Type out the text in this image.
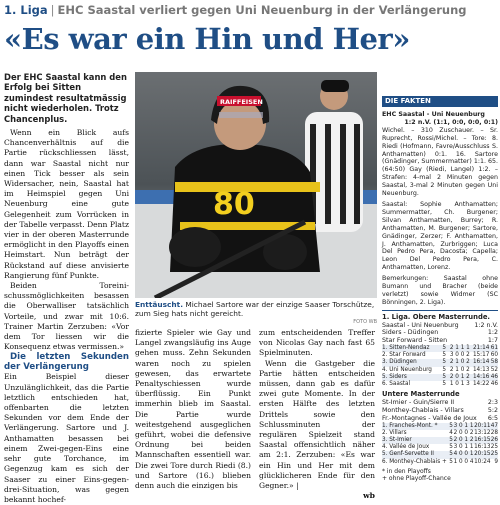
1. Liga | EHC Saastal verliert gegen Uni Neuenburg in der Verlängerung
«Es war ein Hin und Her»
Der EHC Saastal kann den Erfolg bei Sitten zumindest resultatmässig nicht wiederholen. Trotz Chancenplus.

Wenn ein Blick aufs Chancenverhältnis auf die Partie rückschliessen lässt, dann war Saastal nicht nur einen Tick besser als sein Widersacher, nein, Saastal hat im Heimspiel gegen Uni Neuenburg eine gute Gelegenheit zum Vorrücken in der Tabelle verpasst. Denn Platz vier in der oberen Masterrunde ermöglicht in den Playoffs einen Heimstart. Nun beträgt der Rückstand auf diese anvisierte Rangierung fünf Punkte.

Beiden Toreinischussmöglichkeiten besassen die Oberwalliser tatsächlich Vorteile, und zwar mit 10:6. Trainer Martin Zerzuben: «Vor dem Tor liessen wir die Konsequenz etwas vermissen.»

Die letzten Sekunden der Verlängerung

Ein Beispiel dieser Unzulänglichkeit, das die Partie letztlich entschieden hat, offenbarten die letzten Sekunden vor dem Ende der Verlängerung. Sartore und J. Anthamatten besassen bei einem Zwei-gegen-Eins eine sehr gute Torchance, im Gegenzug kam es sich der Saaser zu einer Eins-gegen-drei-Situation, was gegen bekannt hochef-

80
RAIFFEISEN
Enttäuscht. Michael Sartore war der einzige Saaser Torschütze, zum Sieg hats nicht gereicht.
FOTO WB

fizierte Spieler wie Gay und Langel zwangsläufig ins Auge gehen muss. Zehn Sekunden waren noch zu spielen gewesen, das erwartete Penaltyschiessen wurde überflüssig. Ein Punkt immerhin blieb im Saastal. Die Partie wurde weitestgehend ausgeglichen geführt, wobei die defensive Ordnung bei beiden Mannschaften essentiell war. Die zwei Tore durch Riedi (8.) und Sartore (16.) blieben denn auch die einzigen bis

zum entscheidenden Treffer von Nicolas Gay nach fast 65 Spielminuten.

Wenn die Gastgeber die Partie hätten entscheiden müssen, dann gab es dafür zwei gute Momente. In der ersten Hälfte des letzten Drittels sowie den Schlussminuten der regulären Spielzeit stand Saastal offensichtlich näher am 2:1. Zerzuben: «Es war ein Hin und Her mit dem glücklicheren Ende für den Gegner.» |

wb

DIE FAKTEN
EHC Saastal - Uni Neuenburg
1:2 n.V. (1:1, 0:0, 0:0, 0:1)

Wichel. – 310 Zuschauer. – Sr. Ruprecht, Rossi/Michel. – Tore: 8. Riedi (Hofmann, Favre/Ausschluss S. Anthamatten) 0:1. 16. Sartore (Gnädinger, Summermatter) 1:1. 65. (64:50) Gay (Riedi, Langel) 1:2. – Strafen: 4-mal 2 Minuten gegen Saastal, 3-mal 2 Minuten gegen Uni Neuenburg.

Saastal: Sophie Anthamatten; Summermatter, Ch. Burgener; Silvan Anthamatten, Burrey; R. Anthamatten, M. Burgener; Sartore, Gnädinger, Zerzer; F. Anthamatten, J. Anthamatten, Zurbriggen; Luca Del Pedro Pera, Dacosta; Capella; Leon Del Pedro Pera, C. Anthamatten, Lorenz.

Bemerkungen: Saastal ohne Bumann und Bracher (beide verletzt) sowie Widmer (SC Bönningen, 2. Liga).

1. Liga. Obere Masterrunde.
Saastal - Uni Neuenburg	1:2 n.V.
Siders - Düdingen	1:2
Star Forward - Sitten	1:7
1. Sitten-Nendaz	5	2 1 1 1	21:14	61
2. Star Forward	5	3 0 0 2	15:17	60
3. Düdingen	5	2 1 0 2	16:14	58
4. Uni Neuenburg	5	2 1 0 2	14:13	52
5. Siders	5	2 0 1 2	14:16	46
6. Saastal	5	1 0 1 3	14:22	46
Untere Masterrunde
St-Imier - Guin/Sierre II	2:3
Monthey-Chablais - Villars	5:2
Fr.-Montagnes - Vallée de Joux 6:5
1. Franches-Mont. *	5	3 0 1 1	20:11	47
2. Villars	4	2 0 0 2	13:12	28
3. St-Imier	5	2 0 1 2	16:15	26
4. Vallée de Joux	5	3 0 1 1	16:13	25
5. Genf-Servette II	5	4 0 0 1	20:15	25
6. Monthey-Chablais +	5	1 0 0 4	10:24	9
* in den Playoffs
+ ohne Playoff-Chance
